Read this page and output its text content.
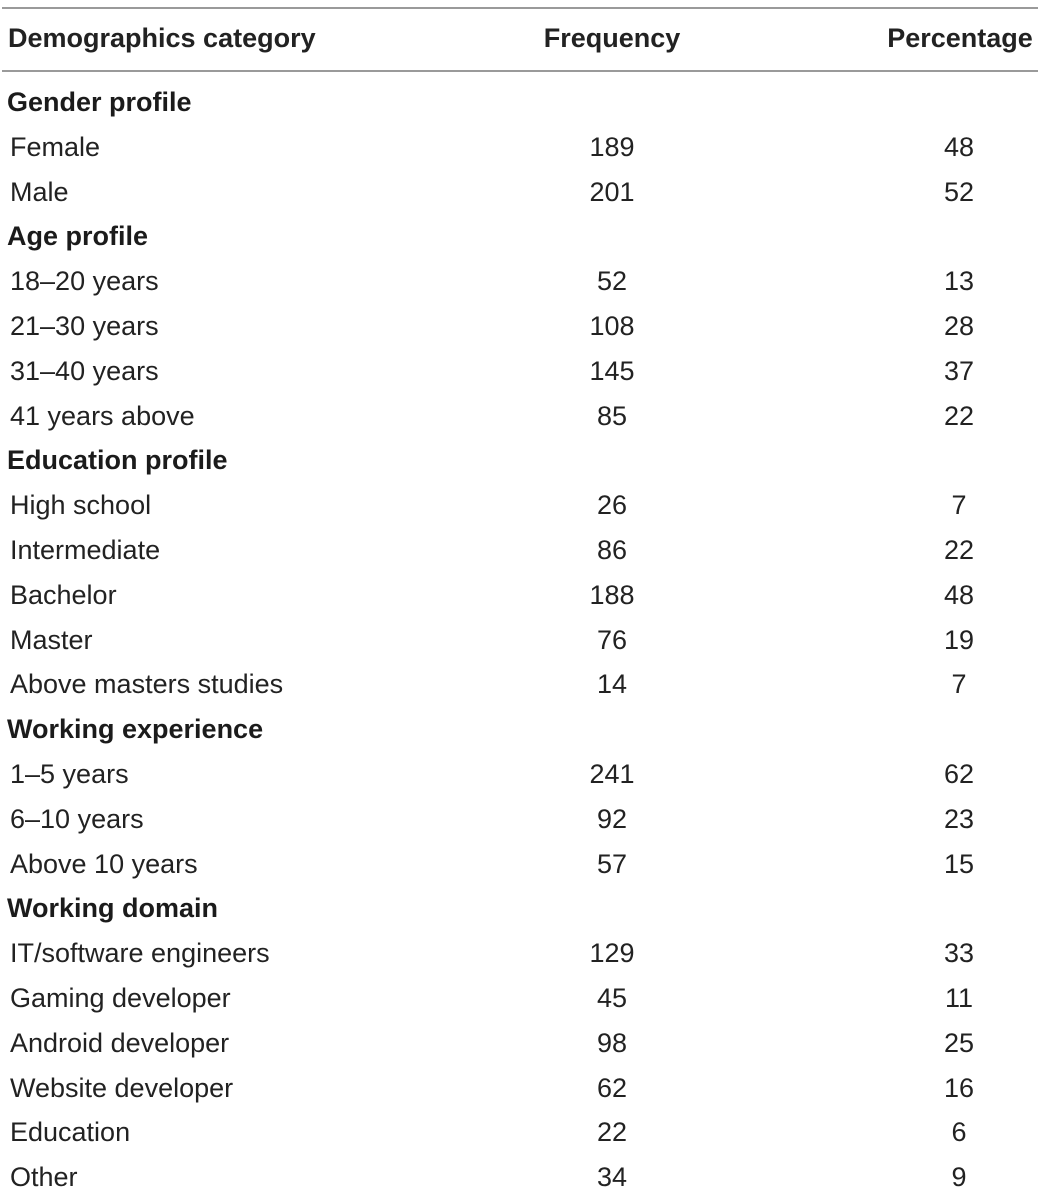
Demographics category	Frequency	Percentage
Gender profile
Female	189	48
Male	201	52
Age profile
18–20 years	52	13
21–30 years	108	28
31–40 years	145	37
41 years above	85	22
Education profile
High school	26	7
Intermediate	86	22
Bachelor	188	48
Master	76	19
Above masters studies	14	7
Working experience
1–5 years	241	62
6–10 years	92	23
Above 10 years	57	15
Working domain
IT/software engineers	129	33
Gaming developer	45	11
Android developer	98	25
Website developer	62	16
Education	22	6
Other	34	9
